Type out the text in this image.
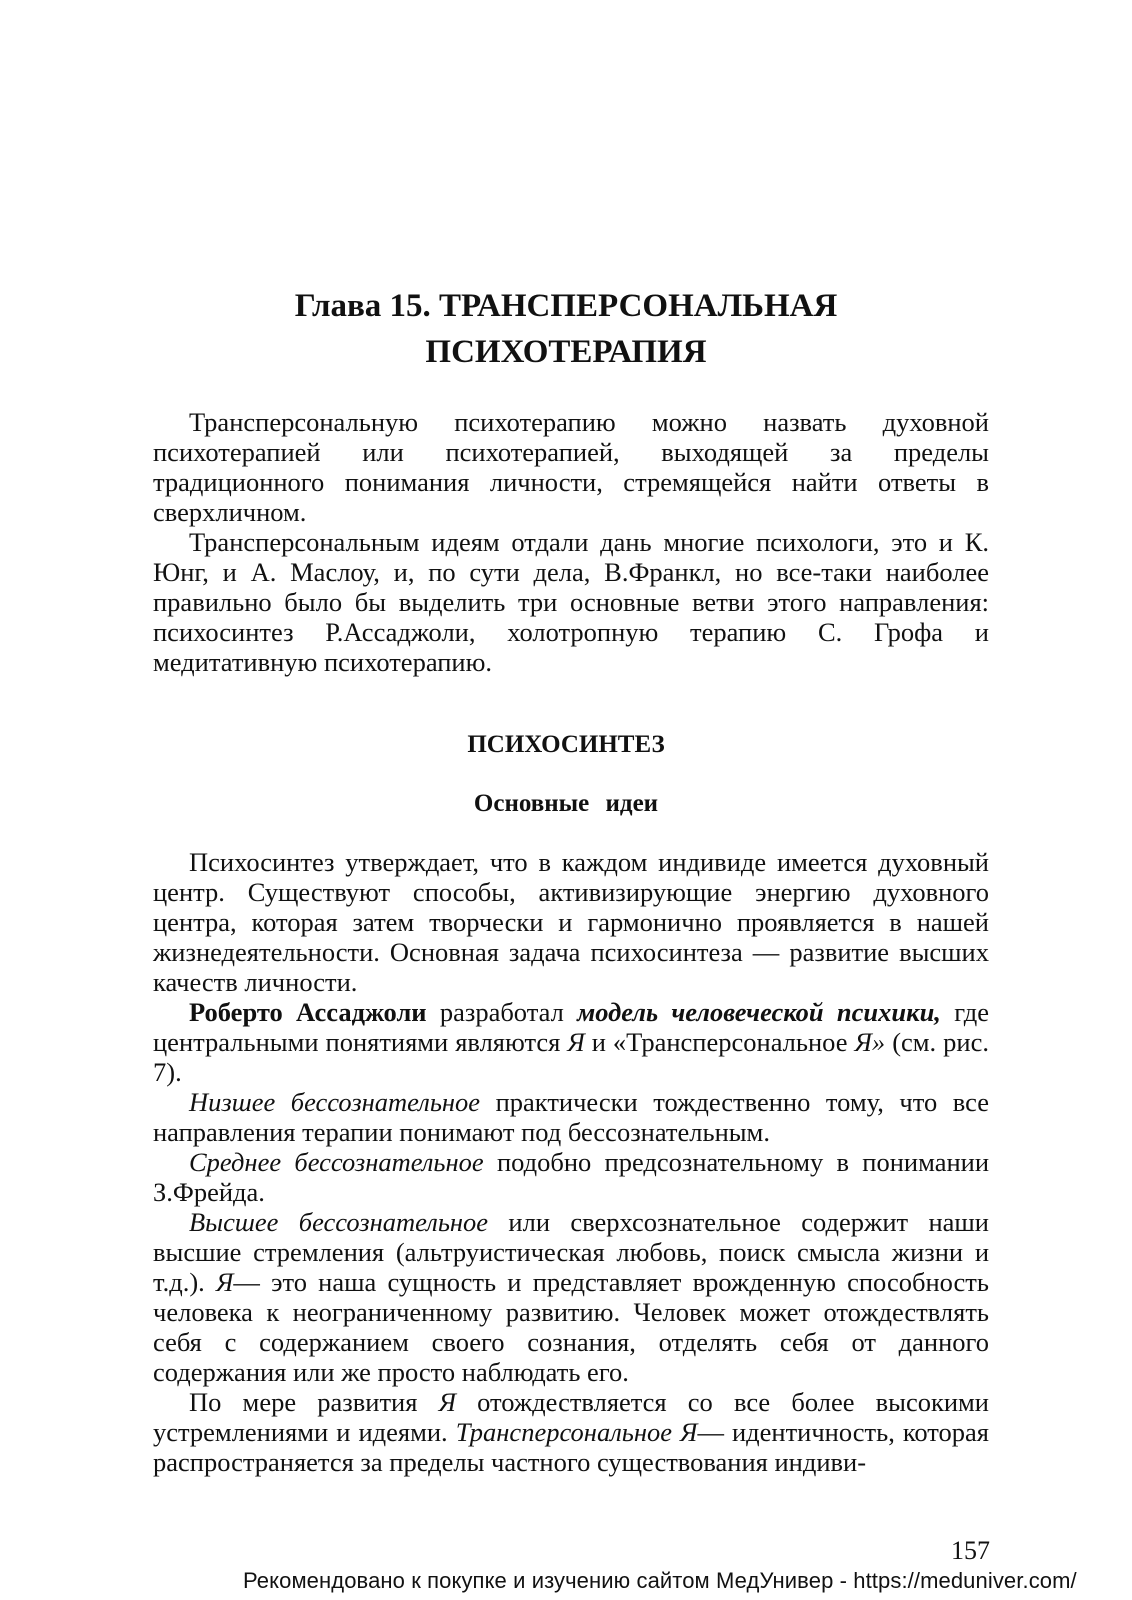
Глава 15. ТРАНСПЕРСОНАЛЬНАЯ
ПСИХОТЕРАПИЯ

Трансперсональную психотерапию можно назвать духовной психотерапией или психотерапией, выходящей за пределы традиционного понимания личности, стремящейся найти ответы в сверхличном.

Трансперсональным идеям отдали дань многие психологи, это и К. Юнг, и А. Маслоу, и, по сути дела, В.Франкл, но все-таки наиболее правильно было бы выделить три основные ветви этого направления: психосинтез Р.Ассаджоли, холотропную терапию С. Грофа и медитативную психотерапию.

ПСИХОСИНТЕЗ
Основные идеи

Психосинтез утверждает, что в каждом индивиде имеется духовный центр. Существуют способы, активизирующие энергию духовного центра, которая затем творчески и гармонично проявляется в нашей жизнедеятельности. Основная задача психосинтеза — развитие высших качеств личности.

Роберто Ассаджоли разработал модель человеческой психики, где центральными понятиями являются Я и «Трансперсональное Я» (см. рис. 7).

Низшее бессознательное практически тождественно тому, что все направления терапии понимают под бессознательным.

Среднее бессознательное подобно предсознательному в понимании З.Фрейда.

Высшее бессознательное или сверхсознательное содержит наши высшие стремления (альтруистическая любовь, поиск смысла жизни и т.д.). Я— это наша сущность и представляет врожденную способность человека к неограниченному развитию. Человек может отождествлять себя с содержанием своего сознания, отделять себя от данного содержания или же просто наблюдать его.

По мере развития Я отождествляется со все более высокими устремлениями и идеями. Трансперсональное Я— идентичность, которая распространяется за пределы частного существования индиви-

157
Рекомендовано к покупке и изучению сайтом МедУнивер - https://meduniver.com/
